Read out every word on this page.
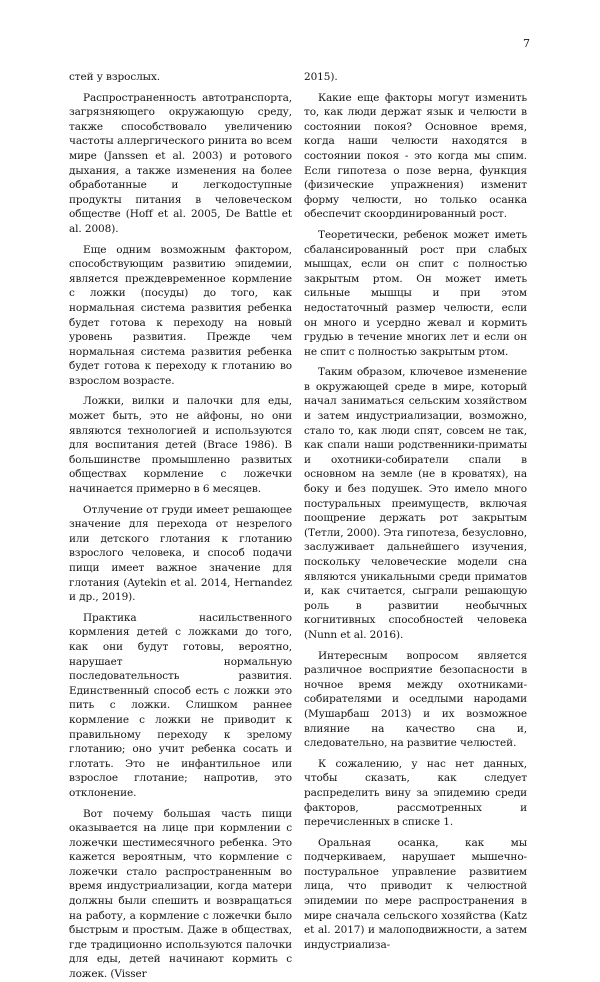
7

стей у взрослых.

Распространенность автотранспорта, загрязняющего окружающую среду, также способствовало увеличению частоты аллергического ринита во всем мире (Janssen et al. 2003) и ротового дыхания, а также изменения на более обработанные и легкодоступные продукты питания в человеческом обществе (Hoff et al. 2005, De Battle et al. 2008).

Еще одним возможным фактором, способствующим развитию эпидемии, является преждевременное кормление с ложки (посуды) до того, как нормальная система развития ребенка будет готова к переходу на новый уровень развития. Прежде чем нормальная система развития ребенка будет готова к переходу к глотанию во взрослом возрасте.

Ложки, вилки и палочки для еды, может быть, это не айфоны, но они являются технологией и используются для воспитания детей (Brace 1986). В большинстве промышленно развитых обществах кормление с ложечки начинается примерно в 6 месяцев.

Отлучение от груди имеет решающее значение для перехода от незрелого или детского глотания к глотанию взрослого человека, и способ подачи пищи имеет важное значение для глотания (Aytekin et al. 2014, Hernandez и др., 2019).

Практика насильственного кормления детей с ложками до того, как они будут готовы, вероятно, нарушает нормальную последовательность развития. Единственный способ есть с ложки это пить с ложки. Слишком раннее кормление с ложки не приводит к правильному переходу к зрелому глотанию; оно учит ребенка сосать и глотать. Это не инфантильное или взрослое глотание; напротив, это отклонение.

Вот почему большая часть пищи оказывается на лице при кормлении с ложечки шестимесячного ребенка. Это кажется вероятным, что кормление с ложечки стало распространенным во время индустриализации, когда матери должны были спешить и возвращаться на работу, а кормление с ложечки было быстрым и простым. Даже в обществах, где традиционно используются палочки для еды, детей начинают кормить с ложек. (Visser

2015).

Какие еще факторы могут изменить то, как люди держат язык и челюсти в состоянии покоя? Основное время, когда наши челюсти находятся в состоянии покоя - это когда мы спим. Если гипотеза о позе верна, функция (физические упражнения) изменит форму челюсти, но только осанка обеспечит скоординированный рост.

Теоретически, ребенок может иметь сбалансированный рост при слабых мышцах, если он спит с полностью закрытым ртом. Он может иметь сильные мышцы и при этом недостаточный размер челюсти, если он много и усердно жевал и кормить грудью в течение многих лет и если он не спит с полностью закрытым ртом.

Таким образом, ключевое изменение в окружающей среде в мире, который начал заниматься сельским хозяйством и затем индустриализации, возможно, стало то, как люди спят, совсем не так, как спали наши родственники-приматы и охотники-собиратели спали в основном на земле (не в кроватях), на боку и без подушек. Это имело много постуральных преимуществ, включая поощрение держать рот закрытым (Тетли, 2000). Эта гипотеза, безусловно, заслуживает дальнейшего изучения, поскольку человеческие модели сна являются уникальными среди приматов и, как считается, сыграли решающую роль в развитии необычных когнитивных способностей человека (Nunn et al. 2016).

Интересным вопросом является различное восприятие безопасности в ночное время между охотниками-собирателями и оседлыми народами (Мушарбаш 2013) и их возможное влияние на качество сна и, следовательно, на развитие челюстей.

К сожалению, у нас нет данных, чтобы сказать, как следует распределить вину за эпидемию среди факторов, рассмотренных и перечисленных в списке 1.

Оральная осанка, как мы подчеркиваем, нарушает мышечно-постуральное управление развитием лица, что приводит к челюстной эпидемии по мере распространения в мире сначала сельского хозяйства (Katz et al. 2017) и малоподвижности, а затем индустриализа-
